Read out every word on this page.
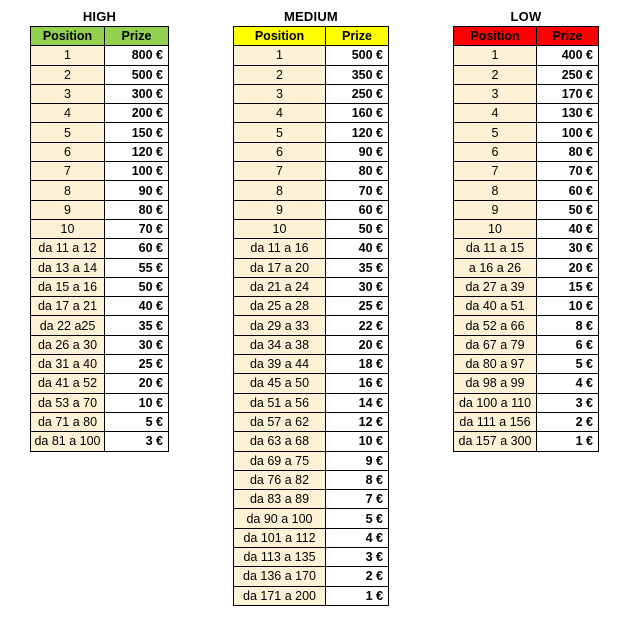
HIGH
Position	Prize
1	800 €
2	500 €
3	300 €
4	200 €
5	150 €
6	120 €
7	100 €
8	90 €
9	80 €
10	70 €
da 11 a 12	60 €
da 13 a 14	55 €
da 15 a 16	50 €
da 17 a 21	40 €
da 22 a25	35 €
da 26 a 30	30 €
da 31 a 40	25 €
da 41 a 52	20 €
da 53 a 70	10 €
da 71 a 80	5 €
da 81 a 100	3 €
MEDIUM
Position	Prize
1	500 €
2	350 €
3	250 €
4	160 €
5	120 €
6	90 €
7	80 €
8	70 €
9	60 €
10	50 €
da 11 a 16	40 €
da 17 a 20	35 €
da 21 a 24	30 €
da 25 a 28	25 €
da 29 a 33	22 €
da 34 a 38	20 €
da 39 a 44	18 €
da 45 a 50	16 €
da 51 a 56	14 €
da 57 a 62	12 €
da 63 a 68	10 €
da 69 a 75	9 €
da 76 a 82	8 €
da 83 a 89	7 €
da 90 a 100	5 €
da 101 a 112	4 €
da 113 a 135	3 €
da 136 a 170	2 €
da 171 a 200	1 €
LOW
Position	Prize
1	400 €
2	250 €
3	170 €
4	130 €
5	100 €
6	80 €
7	70 €
8	60 €
9	50 €
10	40 €
da 11 a 15	30 €
a 16 a 26	20 €
da 27 a 39	15 €
da 40 a 51	10 €
da 52 a 66	8 €
da 67 a 79	6 €
da 80 a 97	5 €
da 98 a 99	4 €
da 100 a 110	3 €
da 111 a 156	2 €
da 157 a 300	1 €
